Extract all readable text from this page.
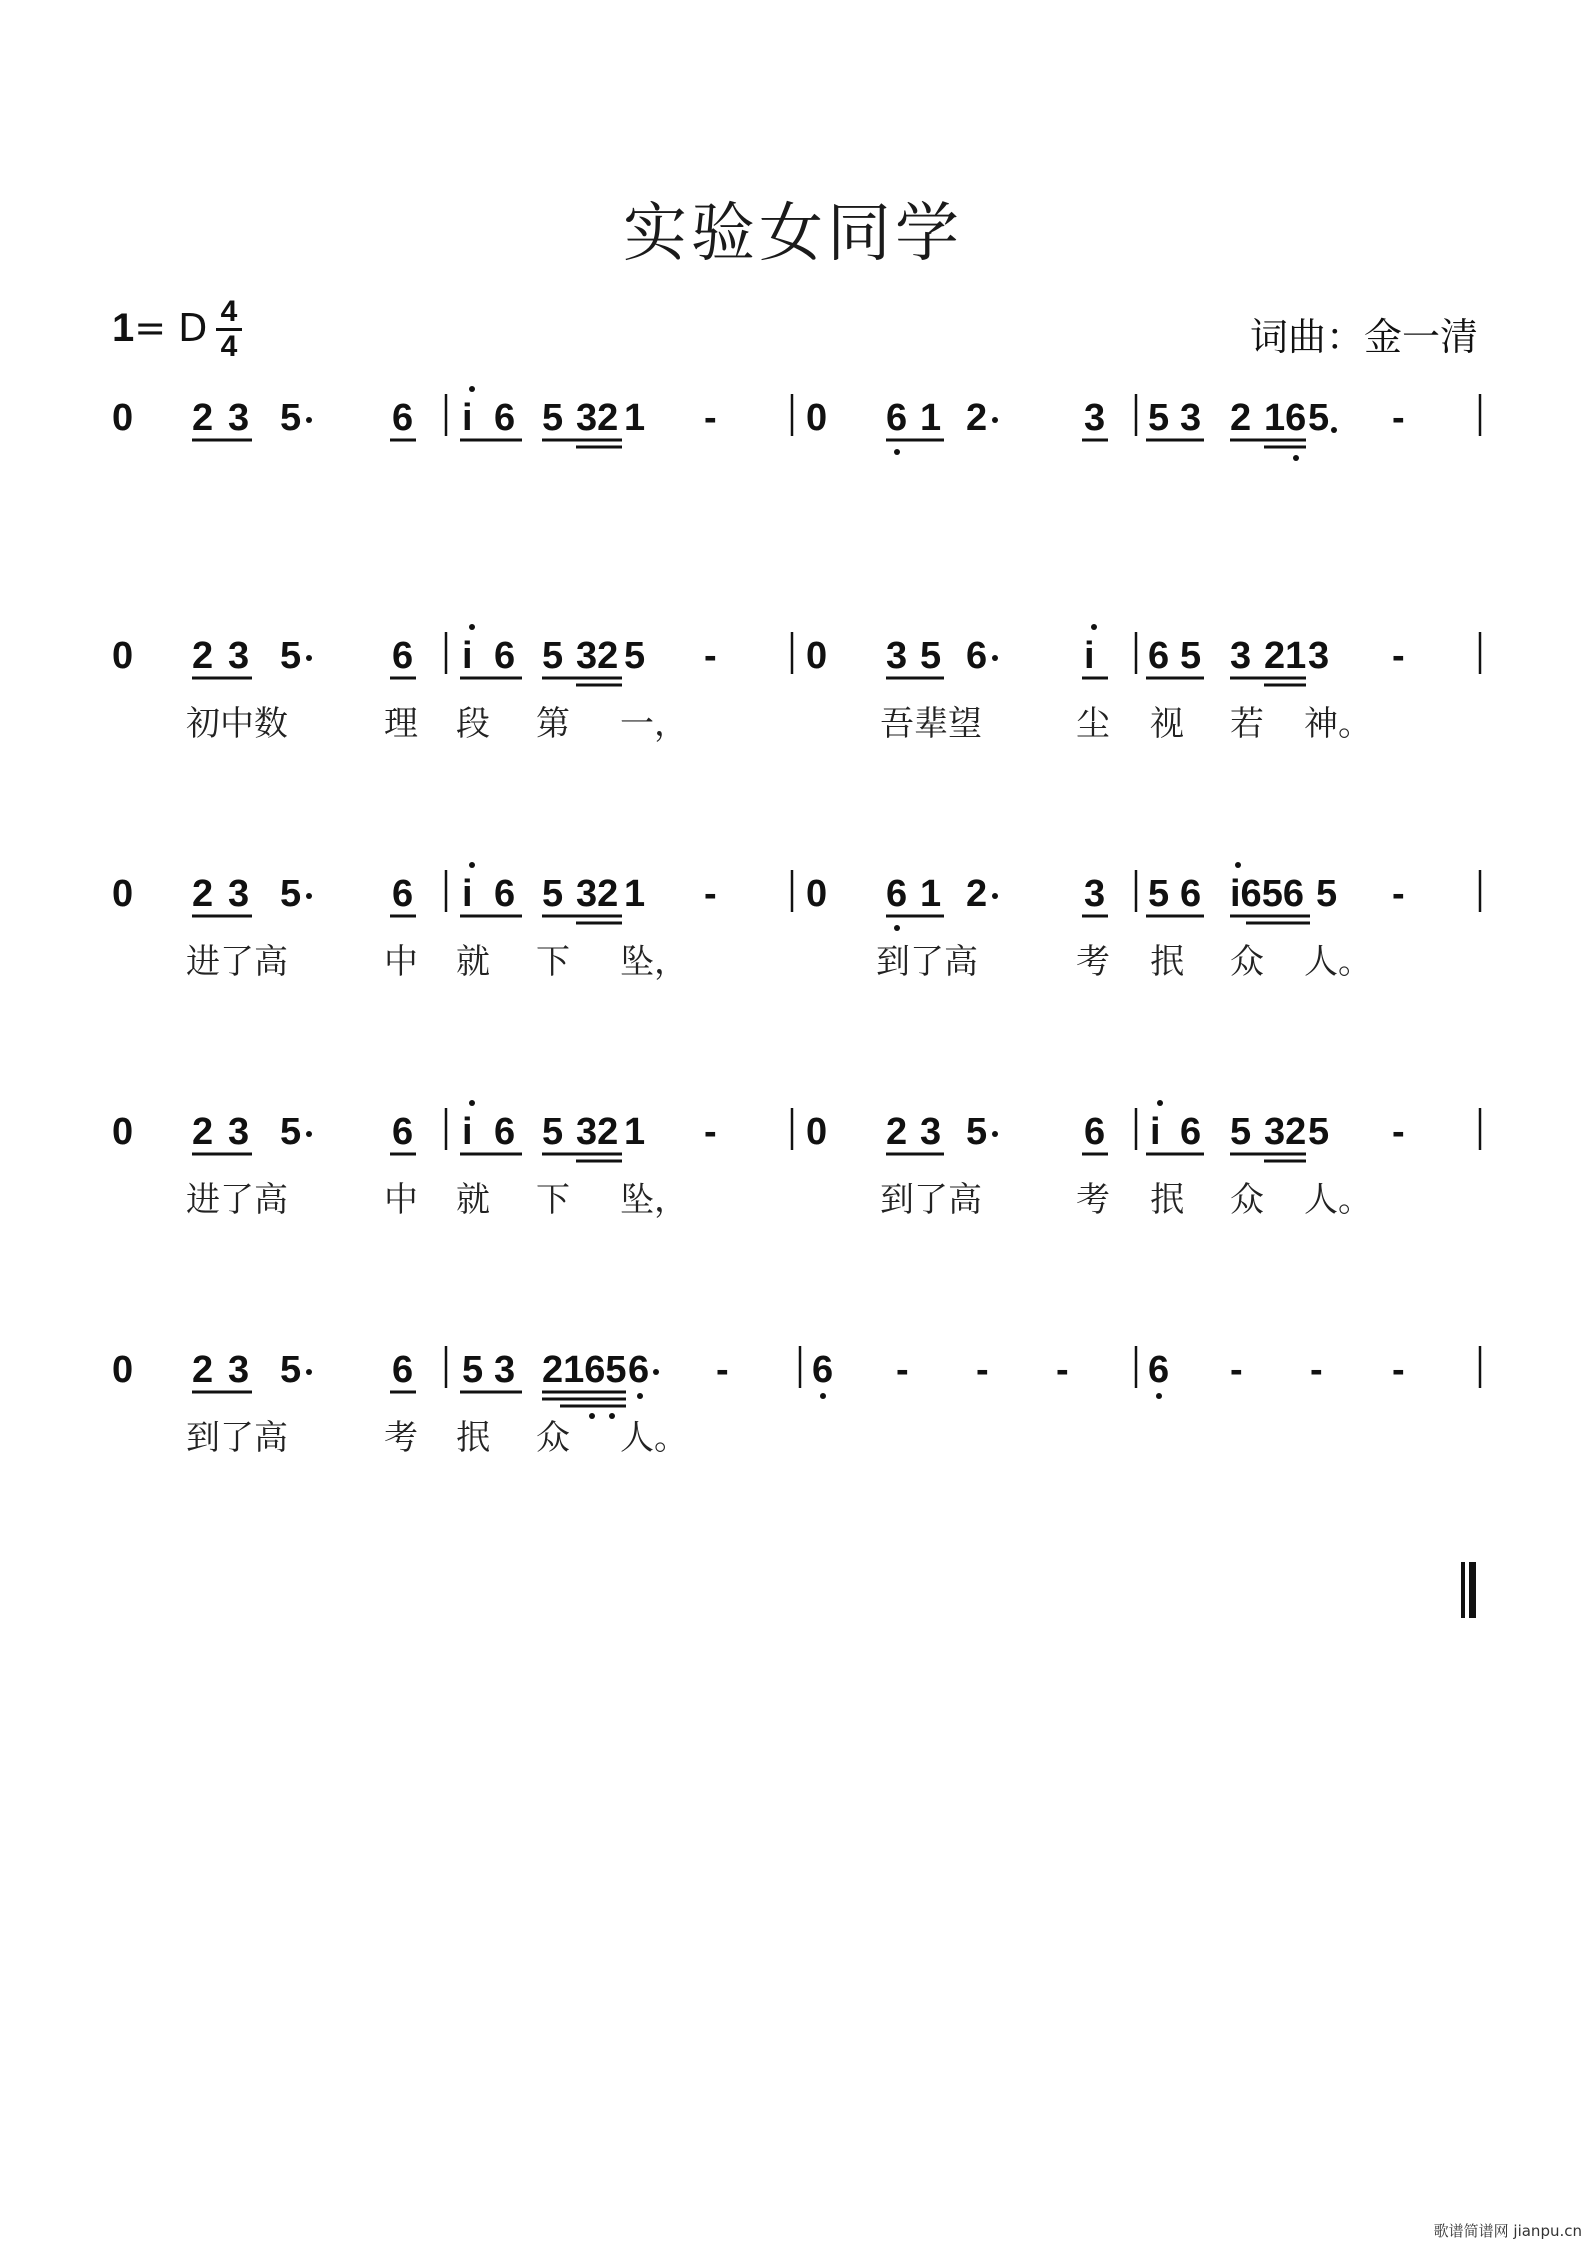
实验女同学
1= D 4
4	词曲：金一清
0 2 3 5 6 i 6 5 32 1 - 0 6 1 2	3 5 3 2 16 5 -
0 2 3 5 6 i 6 5 32 5 - 0 3 5 6	i 6 5 3 21 3 -
初中数	理 段 第 一，	吾辈望	尘 视 若 神。
0 2 3 5 6 i 6 5 32 1 - 0 6 1 2	3 5 6 i656 5 -
进了高	中 就 下 坠，	到了高	考 抿 众 人。
0 2 3 5 6 i 6 5 32 1 - 0 2 3 5	6 i 6 5 32 5 -
进了高	中 就 下 坠，	到了高	考 抿 众 人。
0 2 3 5 6 5 3 2165 6 - 6 - - - 6 - - -
到了高	考 抿 众 人。
歌谱简谱网 jianpu.cn
